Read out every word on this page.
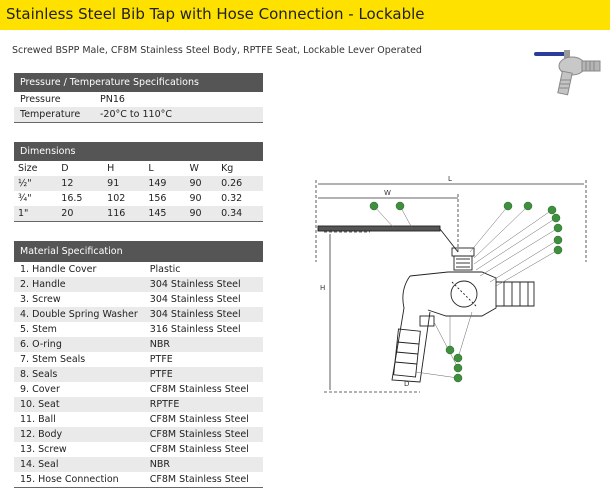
Stainless Steel Bib Tap with Hose Connection - Lockable
Screwed BSPP Male, CF8M Stainless Steel Body, RPTFE Seat, Lockable Lever Operated
Pressure / Temperature Specifications	
Pressure	PN16
Temperature	-20°C to 110°C
Dimensions					
Size	D	H	L	W	Kg
½"	12	91	149	90	0.26
¾"	16.5	102	156	90	0.32
1"	20	116	145	90	0.34
Material Specification	
1. Handle Cover	Plastic
2. Handle	304 Stainless Steel
3. Screw	304 Stainless Steel
4. Double Spring Washer	304 Stainless Steel
5. Stem	316 Stainless Steel
6. O-ring	NBR
7. Stem Seals	PTFE
8. Seals	PTFE
9. Cover	CF8M Stainless Steel
10. Seat	RPTFE
11. Ball	CF8M Stainless Steel
12. Body	CF8M Stainless Steel
13. Screw	CF8M Stainless Steel
14. Seal	NBR
15. Hose Connection	CF8M Stainless Steel
L
W
H
D
